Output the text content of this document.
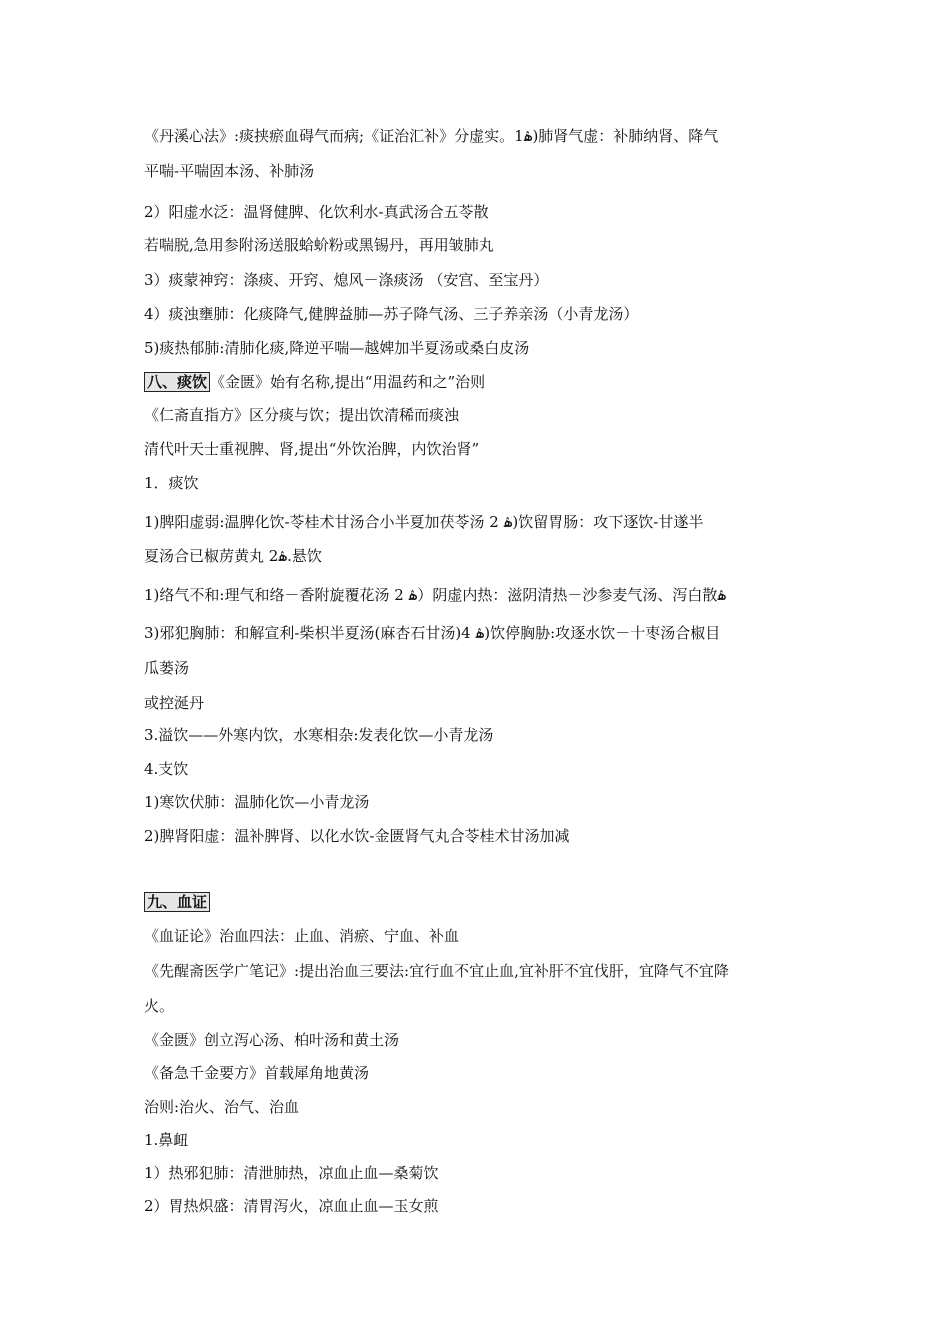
《丹溪心法》:痰挟瘀血碍气而病;《证治汇补》分虚实。1ۿ)肺肾气虚：补肺纳肾、降气
平喘-平喘固本汤、补肺汤
2）阳虚水泛：温肾健脾、化饮利水-真武汤合五苓散
若喘脱,急用参附汤送服蛤蚧粉或黑锡丹，再用皱肺丸
3）痰蒙神窍：涤痰、开窍、熄风－涤痰汤 （安宫、至宝丹）
4）痰浊壅肺：化痰降气,健脾益肺—苏子降气汤、三子养亲汤（小青龙汤）
5)痰热郁肺:清肺化痰,降逆平喘—越婢加半夏汤或桑白皮汤
八、痰饮 《金匮》始有名称,提出“用温药和之”治则
《仁斋直指方》区分痰与饮；提出饮清稀而痰浊
清代叶天士重视脾、肾,提出“外饮治脾，内饮治肾”
1．痰饮
1)脾阳虚弱:温脾化饮-苓桂术甘汤合小半夏加茯苓汤 2 ۿ)饮留胃肠：攻下逐饮-甘遂半
夏汤合已椒苈黄丸 2ۿ.悬饮
1)络气不和:理气和络－香附旋覆花汤 2 ۿ）阴虚内热：滋阴清热－沙参麦气汤、泻白散ۿ
3)邪犯胸肺：和解宣利-柴枳半夏汤(麻杏石甘汤)4 ۿ)饮停胸胁:攻逐水饮－十枣汤合椒目
瓜蒌汤
或控涎丹
3.溢饮——外寒内饮，水寒相杂:发表化饮—小青龙汤
4.支饮
1)寒饮伏肺：温肺化饮—小青龙汤
2)脾肾阳虚：温补脾肾、以化水饮-金匮肾气丸合苓桂术甘汤加减
九、血证
《血证论》治血四法：止血、消瘀、宁血、补血
《先醒斋医学广笔记》:提出治血三要法:宜行血不宜止血,宜补肝不宜伐肝，宜降气不宜降
火。
《金匮》创立泻心汤、柏叶汤和黄土汤
《备急千金要方》首载犀角地黄汤
治则:治火、治气、治血
1.鼻衄
1）热邪犯肺：清泄肺热，凉血止血—桑菊饮
2）胃热炽盛：清胃泻火，凉血止血—玉女煎
